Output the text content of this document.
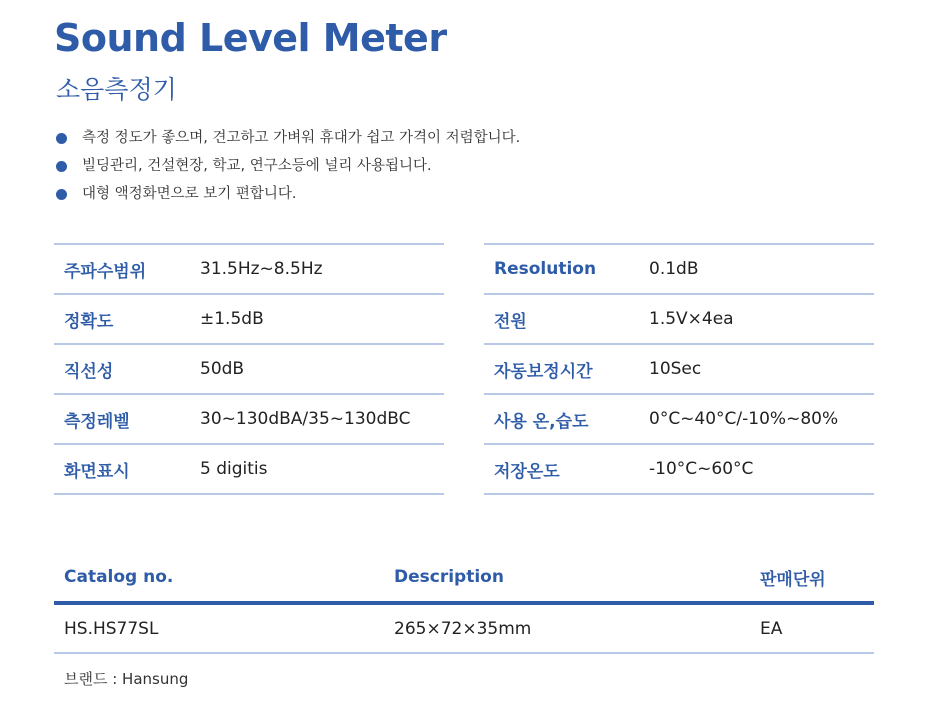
Sound Level Meter
소음측정기
측정 정도가 좋으며, 견고하고 가벼워 휴대가 쉽고 가격이 저렴합니다.
빌딩관리, 건설현장, 학교, 연구소등에 널리 사용됩니다.
대형 액정화면으로 보기 편합니다.
주파수범위	31.5Hz~8.5Hz
정확도	±1.5dB
직선성	50dB
측정레벨	30~130dBA/35~130dBC
화면표시	5 digitis
Resolution	0.1dB
전원	1.5V×4ea
자동보정시간	10Sec
사용 온,습도	0°C~40°C/-10%~80%
저장온도	-10°C~60°C
Catalog no.	Description	판매단위
HS.HS77SL	265×72×35mm	EA
브랜드 : Hansung
